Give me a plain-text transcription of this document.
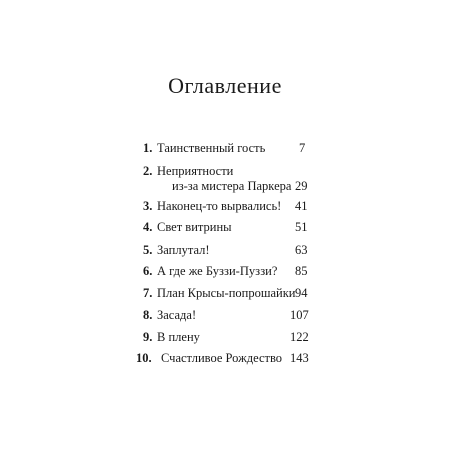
Оглавление
1. Таинственный гость	7
2. Неприятности
из-за мистера Паркера 29
3. Наконец-то вырвались! 41
4. Свет витрины	51
5. Заплутал!	63
6. А где же Буззи-Пуззи? 85
7. План Крысы-попрошайки 94
8. Засада!	107
9. В плену	122
10. Счастливое Рождество 143
